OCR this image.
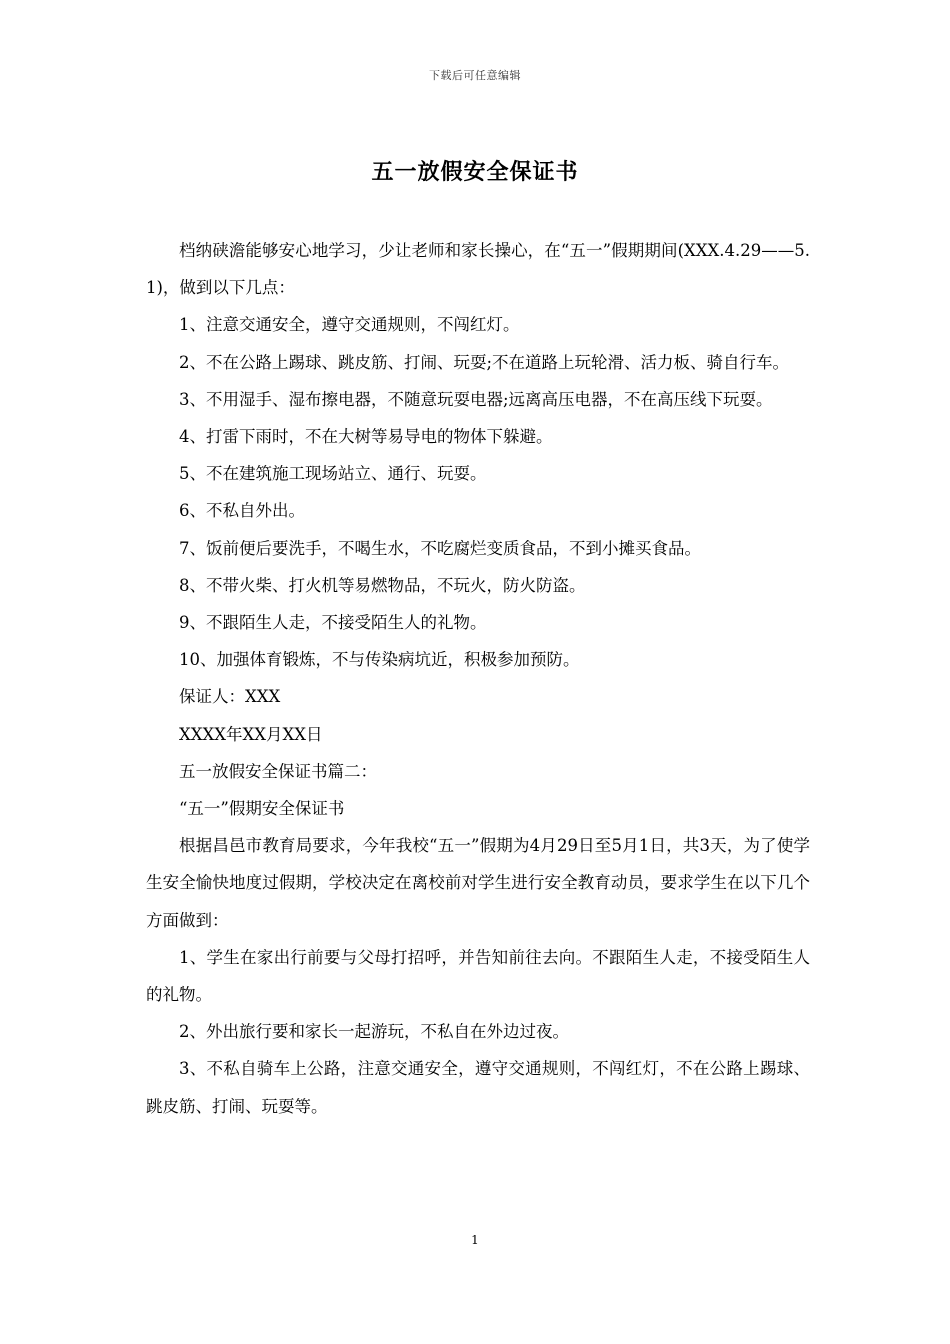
下载后可任意编辑
五一放假安全保证书

档纳硖澹能够安心地学习，少让老师和家长操心，在“五一”假期期间(XXX.4.29——5.1)，做到以下几点：

1、注意交通安全，遵守交通规则，不闯红灯。

2、不在公路上踢球、跳皮筋、打闹、玩耍;不在道路上玩轮滑、活力板、骑自行车。

3、不用湿手、湿布擦电器，不随意玩耍电器;远离高压电器，不在高压线下玩耍。

4、打雷下雨时，不在大树等易导电的物体下躲避。

5、不在建筑施工现场站立、通行、玩耍。

6、不私自外出。

7、饭前便后要洗手，不喝生水，不吃腐烂变质食品，不到小摊买食品。

8、不带火柴、打火机等易燃物品，不玩火，防火防盗。

9、不跟陌生人走，不接受陌生人的礼物。

10、加强体育锻炼，不与传染病坑近，积极参加预防。

保证人：XXX

XXXX年XX月XX日

五一放假安全保证书篇二：

“五一”假期安全保证书

根据昌邑市教育局要求，今年我校“五一”假期为4月29日至5月1日，共3天，为了使学生安全愉快地度过假期，学校决定在离校前对学生进行安全教育动员，要求学生在以下几个方面做到：

1、学生在家出行前要与父母打招呼，并告知前往去向。不跟陌生人走，不接受陌生人的礼物。

2、外出旅行要和家长一起游玩，不私自在外边过夜。

3、不私自骑车上公路，注意交通安全，遵守交通规则，不闯红灯，不在公路上踢球、跳皮筋、打闹、玩耍等。

1
